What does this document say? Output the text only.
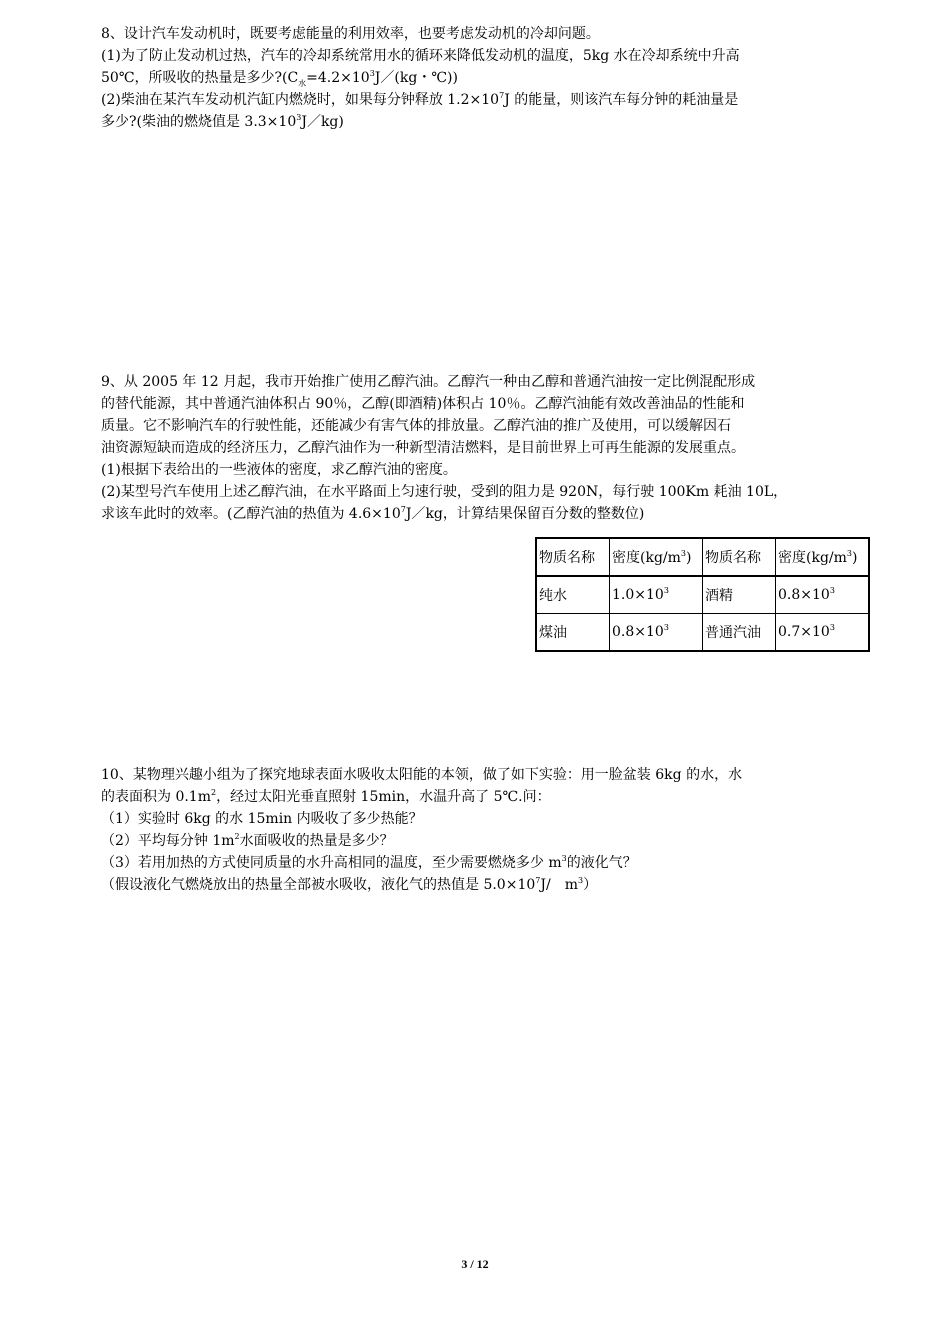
8、设计汽车发动机时，既要考虑能量的利用效率，也要考虑发动机的冷却问题。
(1)为了防止发动机过热，汽车的冷却系统常用水的循环来降低发动机的温度，5kg 水在冷却系统中升高
50℃，所吸收的热量是多少$?(C_水=4.2\times 10^3J/(kg$・℃))
(2)柴油在某汽车发动机汽缸内燃烧时，如果每分钟释放 $1.2\times 10^7J$ 的能量，则该汽车每分钟的耗油量是
多少?(柴油的燃烧值是 $3.3\times 10^3J/kg$)
9、从 2005 年 12 月起，我市开始推广使用乙醇汽油。乙醇汽一种由乙醇和普通汽油按一定比例混配形成
的替代能源，其中普通汽油体积占 90％，乙醇(即酒精)体积占 10％。乙醇汽油能有效改善油品的性能和
质量。它不影响汽车的行驶性能，还能减少有害气体的排放量。乙醇汽油的推广及使用，可以缓解因石
油资源短缺而造成的经济压力，乙醇汽油作为一种新型清洁燃料，是目前世界上可再生能源的发展重点。
(1)根据下表给出的一些液体的密度，求乙醇汽油的密度。
(2)某型号汽车使用上述乙醇汽油，在水平路面上匀速行驶，受到的阻力是 920N，每行驶 100Km 耗油 10L，
求该车此时的效率。(乙醇汽油的热值为 $4.6\times 10^7J/kg$，计算结果保留百分数的整数位)
物质名称	密度$(kg/m^3)$	物质名称	密度$(kg/m^3)$
纯水	$1.0\times 10^3$	酒精	$0.8\times 10^3$
煤油	$0.8\times 10^3$	普通汽油	$0.7\times 10^3$
10、某物理兴趣小组为了探究地球表面水吸收太阳能的本领，做了如下实验：用一脸盆装 6kg 的水，水
的表面积为 $0.1m^2$，经过太阳光垂直照射 15min，水温升高了 5℃.问：
（1）实验时 6kg 的水 15min 内吸收了多少热能？
（2）平均每分钟 $1m^2$水面吸收的热量是多少？
（3）若用加热的方式使同质量的水升高相同的温度，至少需要燃烧多少 $m^3$的液化气？
（假设液化气燃烧放出的热量全部被水吸收，液化气的热值是 $5.0\times 10^7J/$　$m^3$）
3 / 12
